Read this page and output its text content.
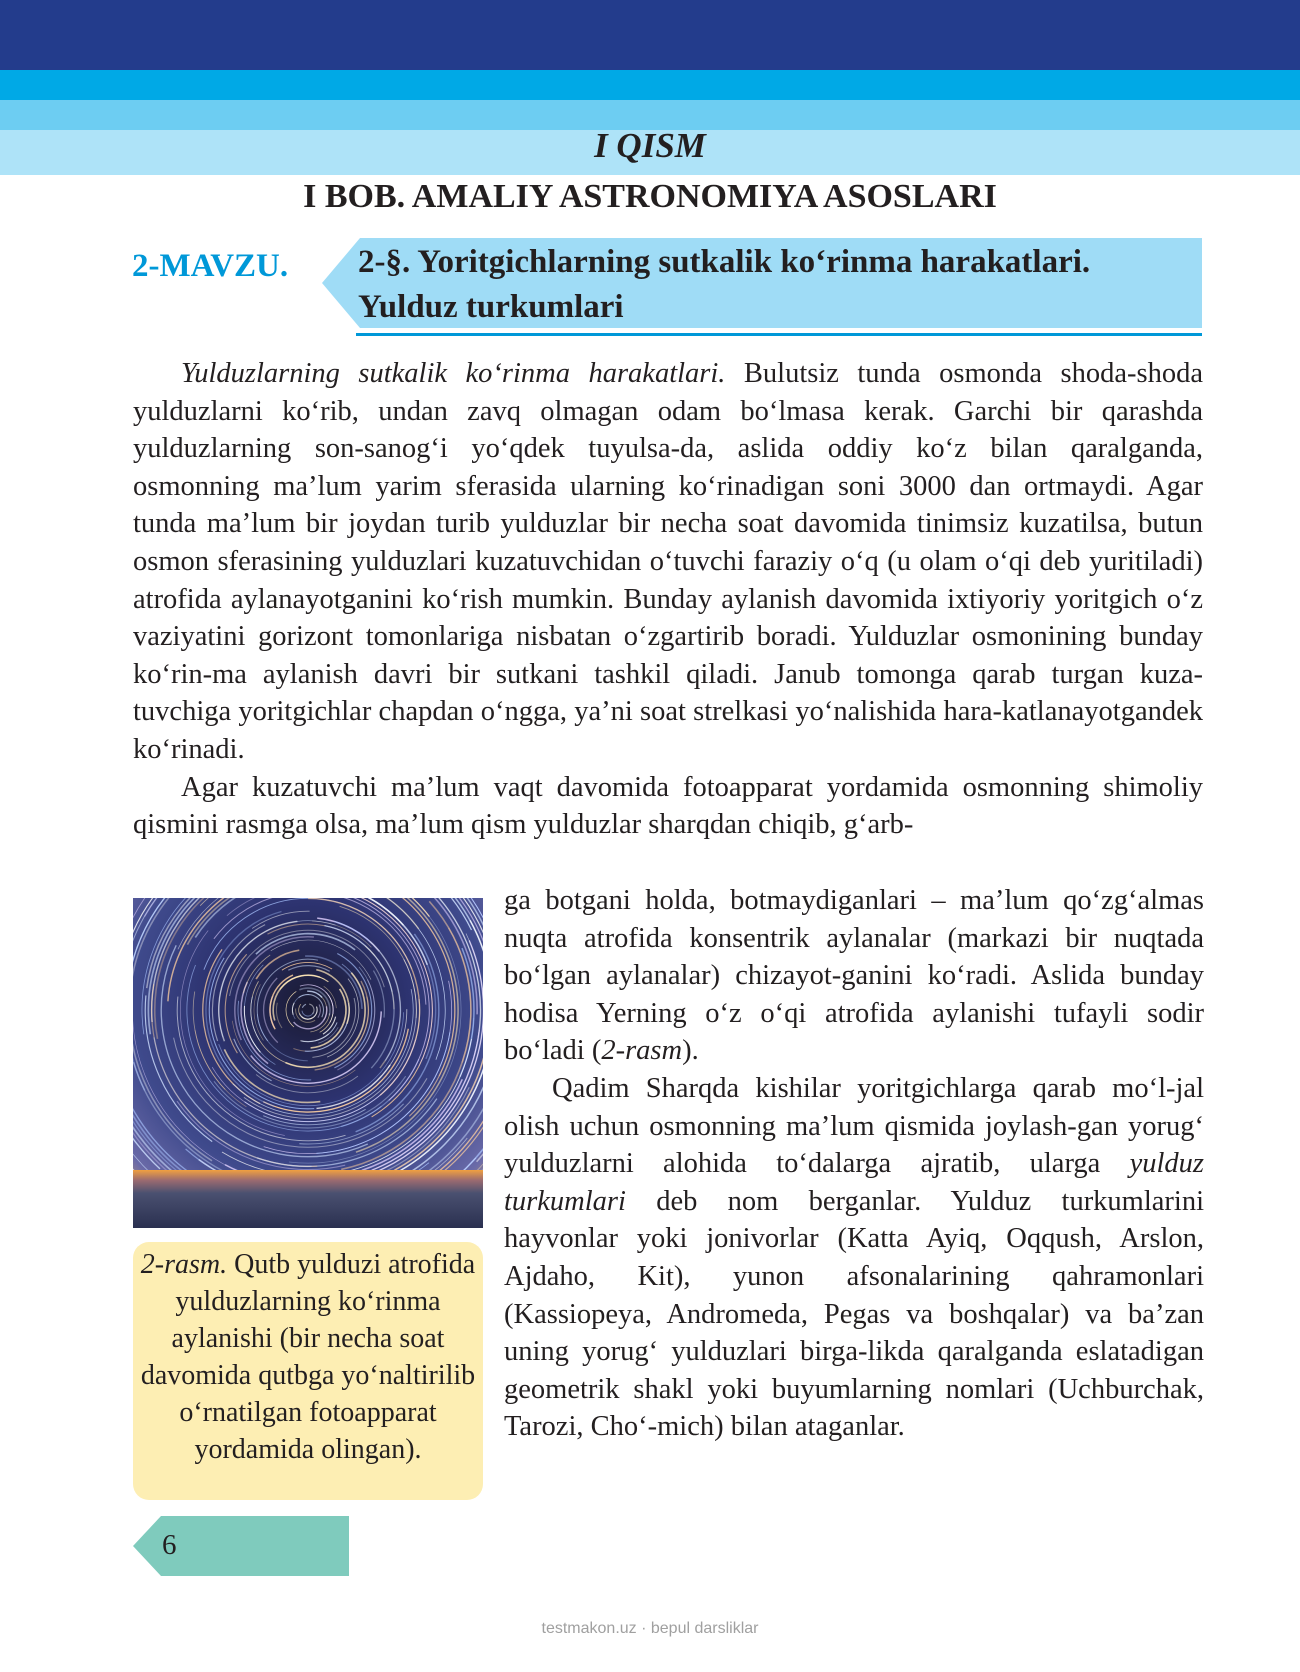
I QISM
I BOB. AMALIY ASTRONOMIYA ASOSLARI
2-MAVZU. 2-§. Yoritgichlarning sutkalik ko‘rinma harakatlari.
Yulduz turkumlari

Yulduzlarning sutkalik ko‘rinma harakatlari. Bulutsiz tunda osmonda shoda-shoda yulduzlarni ko‘rib, undan zavq olmagan odam bo‘lmasa kerak. Garchi bir qarashda yulduzlarning son-sanog‘i yo‘qdek tuyulsa-da, aslida oddiy ko‘z bilan qaralganda, osmonning ma’lum yarim sferasida ularning ko‘rinadigan soni 3000 dan ortmaydi. Agar tunda ma’lum bir joydan turib yulduzlar bir necha soat davomida tinimsiz kuzatilsa, butun osmon sferasining yulduzlari kuzatuvchidan o‘tuvchi faraziy o‘q (u olam o‘qi deb yuritiladi) atrofida aylanayotganini ko‘rish mumkin. Bunday aylanish davomida ixtiyoriy yoritgich o‘z vaziyatini gorizont tomonlariga nisbatan o‘zgartirib boradi. Yulduzlar osmonining bunday ko‘rin-ma aylanish davri bir sutkani tashkil qiladi. Janub tomonga qarab turgan kuza-tuvchiga yoritgichlar chapdan o‘ngga, ya’ni soat strelkasi yo‘nalishida hara-katlanayotgandek ko‘rinadi.

Agar kuzatuvchi ma’lum vaqt davomida fotoapparat yordamida osmonning shimoliy qismini rasmga olsa, ma’lum qism yulduzlar sharqdan chiqib, g‘arb-

2-rasm. Qutb yulduzi atrofida yulduzlarning ko‘rinma aylanishi (bir necha soat davomida qutbga yo‘naltirilib o‘rnatilgan fotoapparat yordamida olingan).

ga botgani holda, botmaydiganlari – ma’lum qo‘zg‘almas nuqta atrofida konsentrik aylanalar (markazi bir nuqtada bo‘lgan aylanalar) chizayot-ganini ko‘radi. Aslida bunday hodisa Yerning o‘z o‘qi atrofida aylanishi tufayli sodir bo‘ladi (2-rasm).

Qadim Sharqda kishilar yoritgichlarga qarab mo‘l-jal olish uchun osmonning ma’lum qismida joylash-gan yorug‘ yulduzlarni alohida to‘dalarga ajratib, ularga yulduz turkumlari deb nom berganlar. Yulduz turkumlarini hayvonlar yoki jonivorlar (Katta Ayiq, Oqqush, Arslon, Ajdaho, Kit), yunon afsonalarining qahramonlari (Kassiopeya, Andromeda, Pegas va boshqalar) va ba’zan uning yorug‘ yulduzlari birga-likda qaralganda eslatadigan geometrik shakl yoki buyumlarning nomlari (Uchburchak, Tarozi, Cho‘-mich) bilan ataganlar.

6
testmakon.uz · bepul darsliklar
